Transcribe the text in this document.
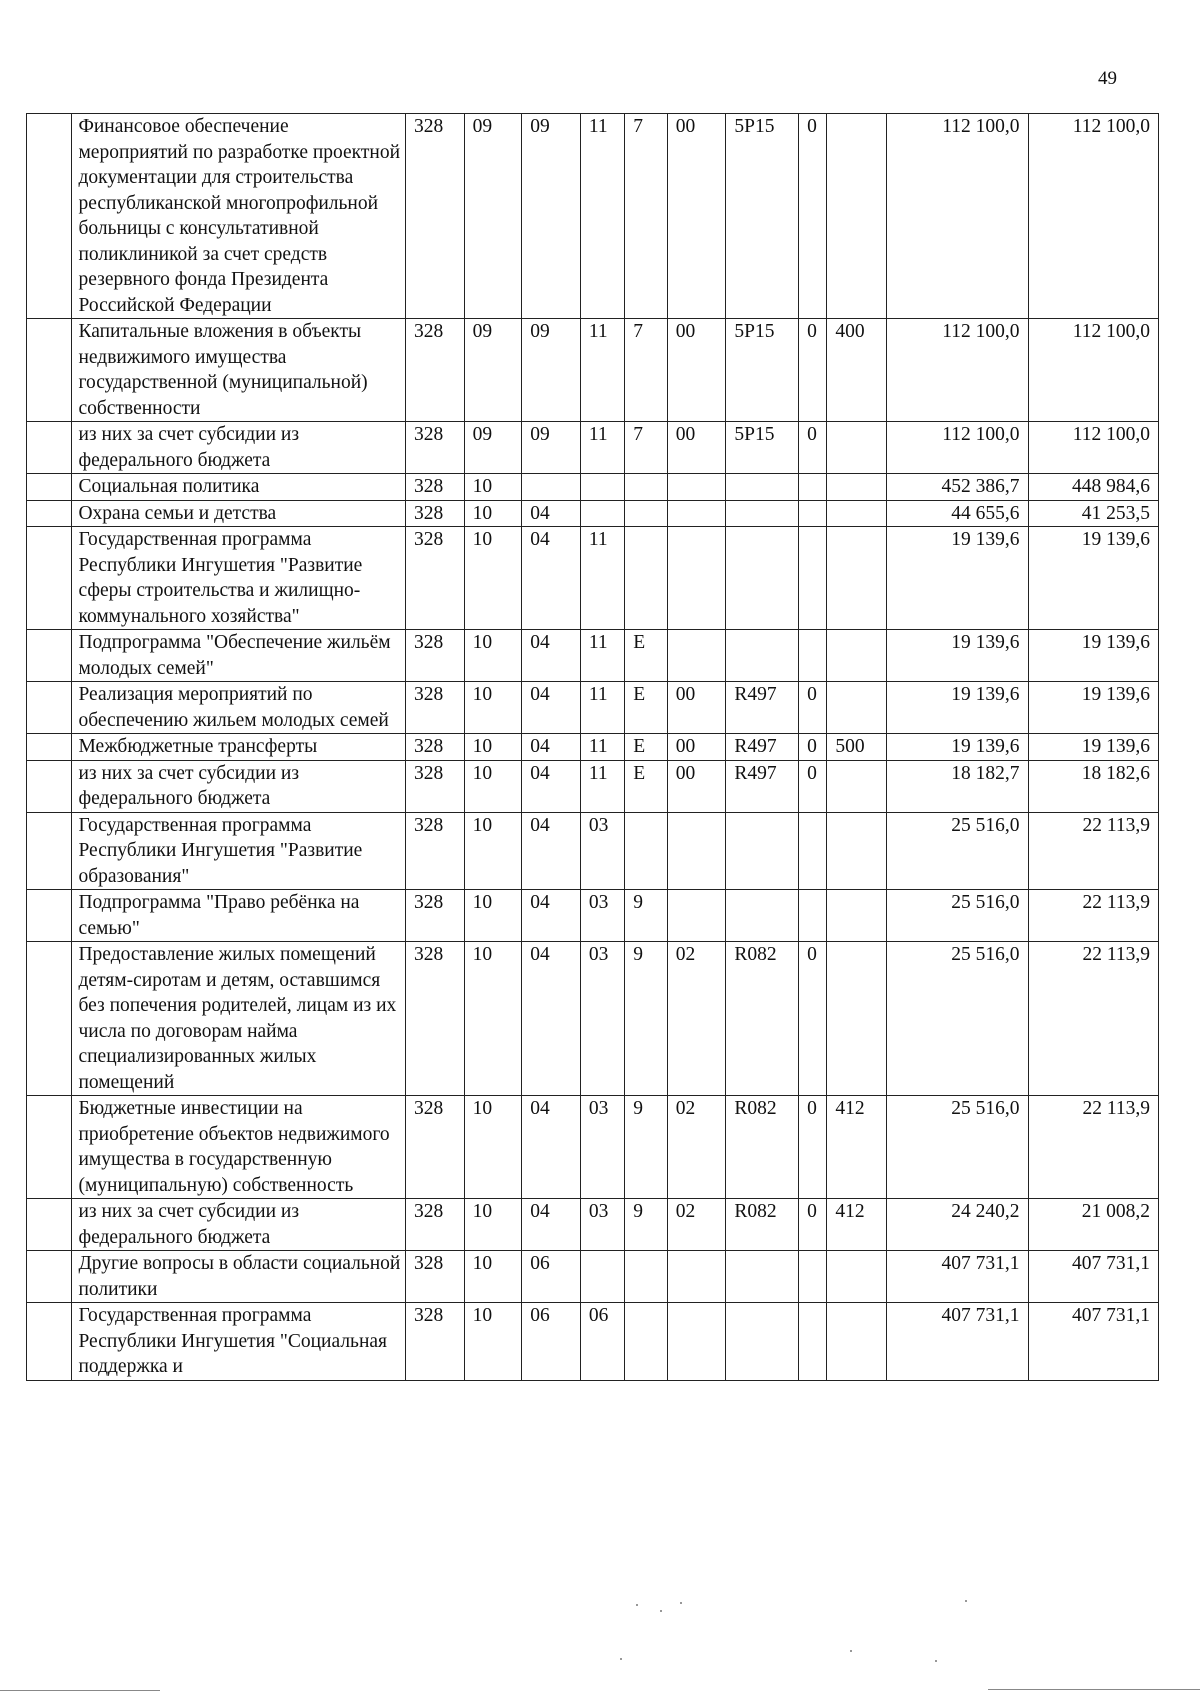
49
	Финансовое обеспечение мероприятий по разработке проектной документации для строительства республиканской многопрофильной больницы с консультативной поликлиникой за счет средств резервного фонда Президента Российской Федерации	328	09	09	11	7	00	5P15	0		112 100,0	112 100,0
	Капитальные вложения в объекты недвижимого имущества государственной (муниципальной) собственности	328	09	09	11	7	00	5P15	0	400	112 100,0	112 100,0
	из них за счет субсидии из федерального бюджета	328	09	09	11	7	00	5P15	0		112 100,0	112 100,0
	Социальная политика	328	10								452 386,7	448 984,6
	Охрана семьи и детства	328	10	04							44 655,6	41 253,5
	Государственная программа Республики Ингушетия "Развитие сферы строительства и жилищно-коммунального хозяйства"	328	10	04	11						19 139,6	19 139,6
	Подпрограмма "Обеспечение жильём молодых семей"	328	10	04	11	E					19 139,6	19 139,6
	Реализация мероприятий по обеспечению жильем молодых семей	328	10	04	11	E	00	R497	0		19 139,6	19 139,6
	Межбюджетные трансферты	328	10	04	11	E	00	R497	0	500	19 139,6	19 139,6
	из них за счет субсидии из федерального бюджета	328	10	04	11	E	00	R497	0		18 182,7	18 182,6
	Государственная программа Республики Ингушетия "Развитие образования"	328	10	04	03						25 516,0	22 113,9
	Подпрограмма "Право ребёнка на семью"	328	10	04	03	9					25 516,0	22 113,9
	Предоставление жилых помещений детям-сиротам и детям, оставшимся без попечения родителей, лицам из их числа по договорам найма специализированных жилых помещений	328	10	04	03	9	02	R082	0		25 516,0	22 113,9
	Бюджетные инвестиции на приобретение объектов недвижимого имущества в государственную (муниципальную) собственность	328	10	04	03	9	02	R082	0	412	25 516,0	22 113,9
	из них за счет субсидии из федерального бюджета	328	10	04	03	9	02	R082	0	412	24 240,2	21 008,2
	Другие вопросы в области социальной политики	328	10	06							407 731,1	407 731,1
	Государственная программа Республики Ингушетия "Социальная поддержка и	328	10	06	06						407 731,1	407 731,1
